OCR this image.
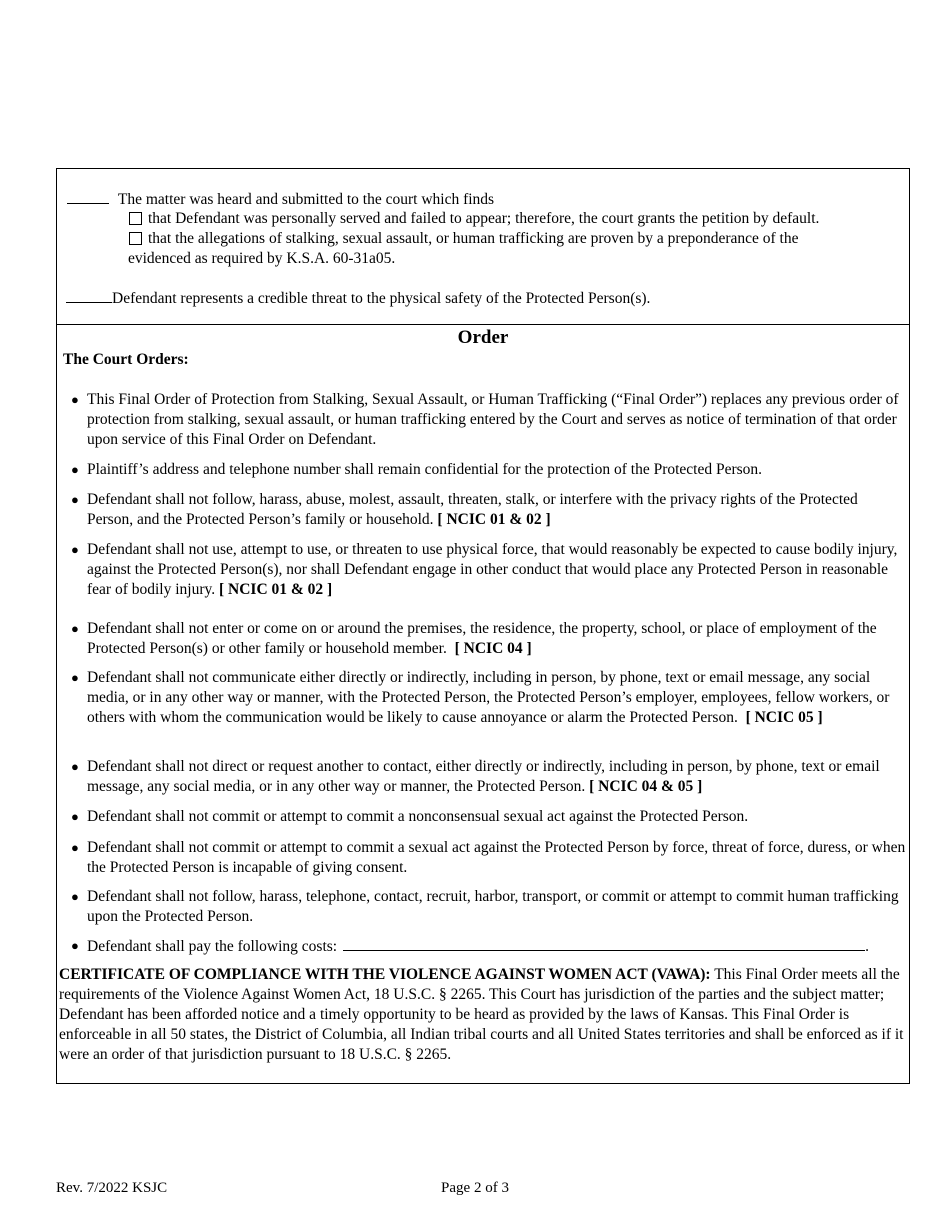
The matter was heard and submitted to the court which finds
that Defendant was personally served and failed to appear; therefore, the court grants the petition by default.
that the allegations of stalking, sexual assault, or human trafficking are proven by a preponderance of the
evidenced as required by K.S.A. 60-31a05.
Defendant represents a credible threat to the physical safety of the Protected Person(s).
Order
The Court Orders:
● This Final Order of Protection from Stalking, Sexual Assault, or Human Trafficking (“Final Order”) replaces any previous order of protection from stalking, sexual assault, or human trafficking entered by the Court and serves as notice of termination of that order upon service of this Final Order on Defendant.
● Plaintiff’s address and telephone number shall remain confidential for the protection of the Protected Person.
● Defendant shall not follow, harass, abuse, molest, assault, threaten, stalk, or interfere with the privacy rights of the Protected Person, and the Protected Person’s family or household. [ NCIC 01 & 02 ]
● Defendant shall not use, attempt to use, or threaten to use physical force, that would reasonably be expected to cause bodily injury, against the Protected Person(s), nor shall Defendant engage in other conduct that would place any Protected Person in reasonable fear of bodily injury. [ NCIC 01 & 02 ]
● Defendant shall not enter or come on or around the premises, the residence, the property, school, or place of employment of the Protected Person(s) or other family or household member. [ NCIC 04 ]
● Defendant shall not communicate either directly or indirectly, including in person, by phone, text or email message, any social media, or in any other way or manner, with the Protected Person, the Protected Person’s employer, employees, fellow workers, or others with whom the communication would be likely to cause annoyance or alarm the Protected Person. [ NCIC 05 ]
● Defendant shall not direct or request another to contact, either directly or indirectly, including in person, by phone, text or email message, any social media, or in any other way or manner, the Protected Person. [ NCIC 04 & 05 ]
● Defendant shall not commit or attempt to commit a nonconsensual sexual act against the Protected Person.
● Defendant shall not commit or attempt to commit a sexual act against the Protected Person by force, threat of force, duress, or when the Protected Person is incapable of giving consent.
● Defendant shall not follow, harass, telephone, contact, recruit, harbor, transport, or commit or attempt to commit human trafficking upon the Protected Person.
● Defendant shall pay the following costs:	.
CERTIFICATE OF COMPLIANCE WITH THE VIOLENCE AGAINST WOMEN ACT (VAWA): This Final Order meets all the requirements of the Violence Against Women Act, 18 U.S.C. § 2265. This Court has jurisdiction of the parties and the subject matter; Defendant has been afforded notice and a timely opportunity to be heard as provided by the laws of Kansas. This Final Order is enforceable in all 50 states, the District of Columbia, all Indian tribal courts and all United States territories and shall be enforced as if it were an order of that jurisdiction pursuant to 18 U.S.C. § 2265.
Rev. 7/2022 KSJC	Page 2 of 3
